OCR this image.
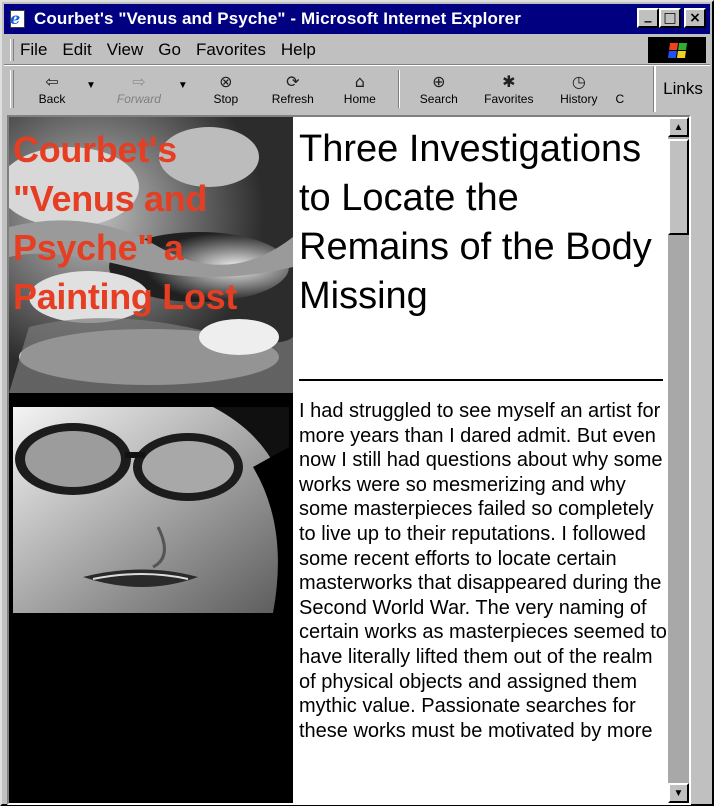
e Courbet's "Venus and Psyche" - Microsoft Internet Explorer	_ □ ×
File Edit View Go Favorites Help
⇦
Back
▼ ⇨
Forward
▼ ⊗
Stop
⟳
Refresh
⌂
Home
⊕
Search
✱
Favorites
◷
History C
Links
Courbet's "Venus and Psyche" a Painting Lost
Three Investigations to Locate the Remains of the Body Missing
I had struggled to see myself an artist for more years than I dared admit. But even now I still had questions about why some works were so mesmerizing and why some masterpieces failed so completely to live up to their reputations. I followed some recent efforts to locate certain masterworks that disappeared during the Second World War. The very naming of certain works as masterpieces seemed to have literally lifted them out of the realm of physical objects and assigned them mythic value. Passionate searches for these works must be motivated by more
▲
▼
